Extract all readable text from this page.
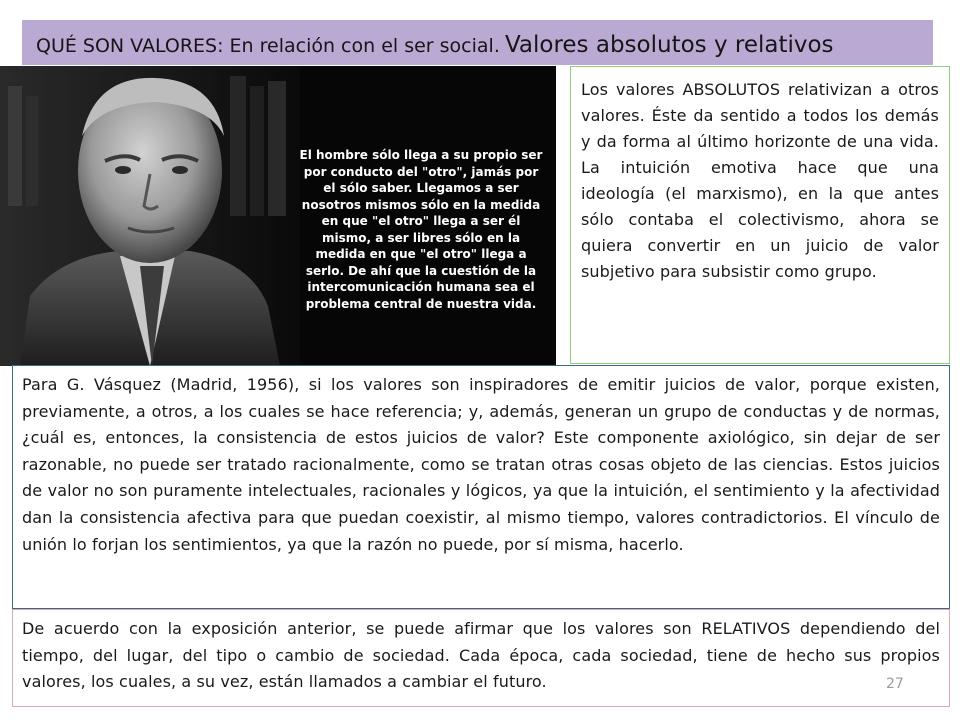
QUÉ SON VALORES: En relación con el ser social. Valores absolutos y relativos

El hombre sólo llega a su propio ser por conducto del "otro", jamás por el sólo saber. Llegamos a ser nosotros mismos sólo en la medida en que "el otro" llega a ser él mismo, a ser libres sólo en la medida en que "el otro" llega a serlo. De ahí que la cuestión de la intercomunicación humana sea el problema central de nuestra vida.

Los valores ABSOLUTOS relativizan a otros valores. Éste da sentido a todos los demás y da forma al último horizonte de una vida. La intuición emotiva hace que una ideología (el marxismo), en la que antes sólo contaba el colectivismo, ahora se quiera convertir en un juicio de valor subjetivo para subsistir como grupo.

Para G. Vásquez (Madrid, 1956), si los valores son inspiradores de emitir juicios de valor, porque existen, previamente, a otros, a los cuales se hace referencia; y, además, generan un grupo de conductas y de normas, ¿cuál es, entonces, la consistencia de estos juicios de valor? Este componente axiológico, sin dejar de ser razonable, no puede ser tratado racionalmente, como se tratan otras cosas objeto de las ciencias. Estos juicios de valor no son puramente intelectuales, racionales y lógicos, ya que la intuición, el sentimiento y la afectividad dan la consistencia afectiva para que puedan coexistir, al mismo tiempo, valores contradictorios. El vínculo de unión lo forjan los sentimientos, ya que la razón no puede, por sí misma, hacerlo.

De acuerdo con la exposición anterior, se puede afirmar que los valores son RELATIVOS dependiendo del tiempo, del lugar, del tipo o cambio de sociedad. Cada época, cada sociedad, tiene de hecho sus propios valores, los cuales, a su vez, están llamados a cambiar el futuro.	27
